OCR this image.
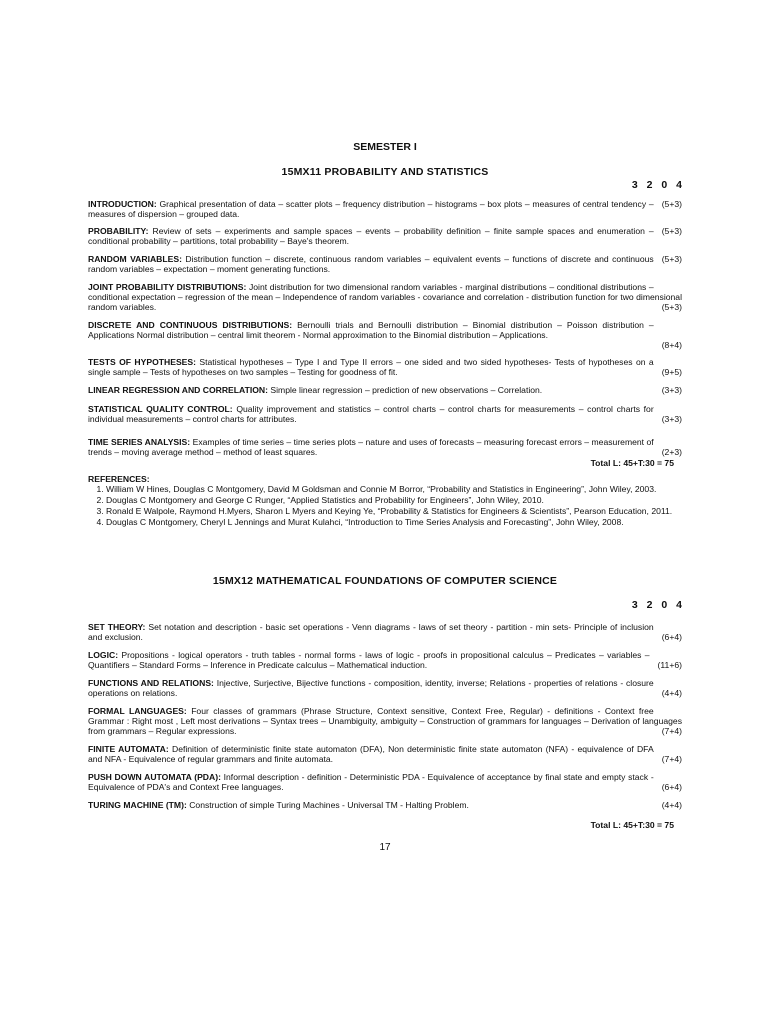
SEMESTER I
15MX11 PROBABILITY AND STATISTICS
3 2 0 4
(5+3)
INTRODUCTION: Graphical presentation of data – scatter plots – frequency distribution – histograms – box plots – measures of central tendency – measures of dispersion – grouped data.
(5+3)
PROBABILITY: Review of sets – experiments and sample spaces – events – probability definition – finite sample spaces and enumeration – conditional probability – partitions, total probability – Baye's theorem.
(5+3)
RANDOM VARIABLES: Distribution function – discrete, continuous random variables – equivalent events – functions of discrete and continuous random variables – expectation – moment generating functions.
(5+3)
JOINT PROBABILITY DISTRIBUTIONS: Joint distribution for two dimensional random variables - marginal distributions – conditional distributions – conditional expectation – regression of the mean – Independence of random variables - covariance and correlation - distribution function for two dimensional random variables.
(8+4)
DISCRETE AND CONTINUOUS DISTRIBUTIONS: Bernoulli trials and Bernoulli distribution – Binomial distribution – Poisson distribution – Applications Normal distribution – central limit theorem - Normal approximation to the Binomial distribution – Applications.
(9+5)
TESTS OF HYPOTHESES: Statistical hypotheses – Type I and Type II errors – one sided and two sided hypotheses- Tests of hypotheses on a single sample – Tests of hypotheses on two samples – Testing for goodness of fit.
(3+3)
LINEAR REGRESSION AND CORRELATION: Simple linear regression – prediction of new observations – Correlation.
(3+3)
STATISTICAL QUALITY CONTROL: Quality improvement and statistics – control charts – control charts for measurements – control charts for individual measurements – control charts for attributes.
(2+3)
TIME SERIES ANALYSIS: Examples of time series – time series plots – nature and uses of forecasts – measuring forecast errors – measurement of trends – moving average method – method of least squares.
Total L: 45+T:30 = 75
REFERENCES:
1. William W Hines, Douglas C Montgomery, David M Goldsman and Connie M Borror, “Probability and Statistics in Engineering”, John Wiley, 2003.
2. Douglas C Montgomery and George C Runger, “Applied Statistics and Probability for Engineers”, John Wiley, 2010.
3. Ronald E Walpole, Raymond H.Myers, Sharon L Myers and Keying Ye, “Probability & Statistics for Engineers & Scientists”, Pearson Education, 2011.
4. Douglas C Montgomery, Cheryl L Jennings and Murat Kulahci, “Introduction to Time Series Analysis and Forecasting”, John Wiley, 2008.
15MX12 MATHEMATICAL FOUNDATIONS OF COMPUTER SCIENCE
3 2 0 4
(6+4)
SET THEORY: Set notation and description - basic set operations - Venn diagrams - laws of set theory - partition - min sets- Principle of inclusion and exclusion.
(11+6)
LOGIC: Propositions - logical operators - truth tables - normal forms - laws of logic - proofs in propositional calculus – Predicates – variables – Quantifiers – Standard Forms – Inference in Predicate calculus – Mathematical induction.
(4+4)
FUNCTIONS AND RELATIONS: Injective, Surjective, Bijective functions - composition, identity, inverse; Relations - properties of relations - closure operations on relations.
(7+4)
FORMAL LANGUAGES: Four classes of grammars (Phrase Structure, Context sensitive, Context Free, Regular) - definitions - Context free Grammar : Right most , Left most derivations – Syntax trees – Unambiguity, ambiguity – Construction of grammars for languages – Derivation of languages from grammars – Regular expressions.
(7+4)
FINITE AUTOMATA: Definition of deterministic finite state automaton (DFA), Non deterministic finite state automaton (NFA) - equivalence of DFA and NFA - Equivalence of regular grammars and finite automata.
(6+4)
PUSH DOWN AUTOMATA (PDA): Informal description - definition - Deterministic PDA - Equivalence of acceptance by final state and empty stack - Equivalence of PDA's and Context Free languages.
(4+4)
TURING MACHINE (TM): Construction of simple Turing Machines - Universal TM - Halting Problem.
Total L: 45+T:30 = 75
17
